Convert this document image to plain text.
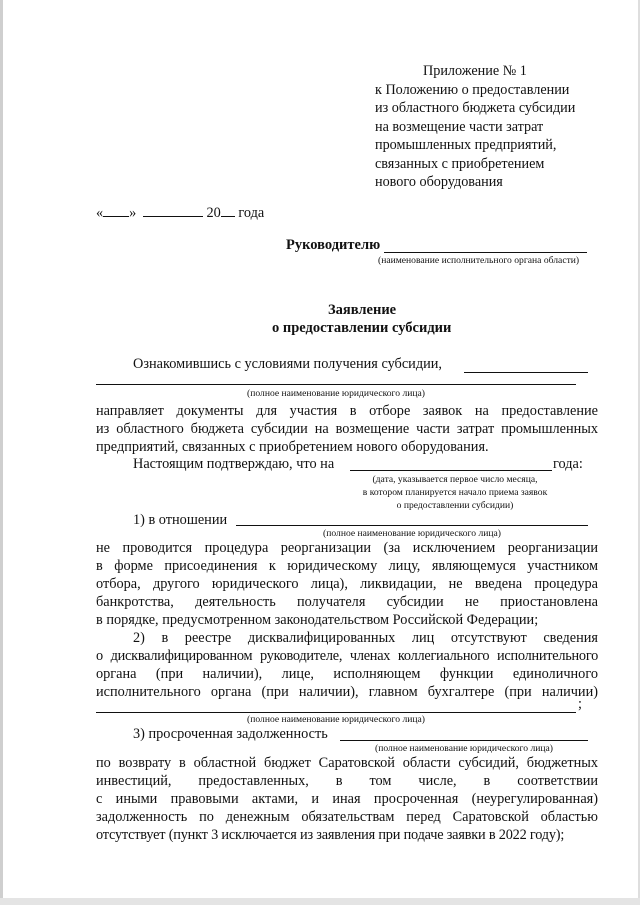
Приложение № 1
к Положению о предоставлении
из областного бюджета субсидии
на возмещение части затрат
промышленных предприятий,
связанных с приобретением
нового оборудования
« »	20 года
Руководителю
(наименование исполнительного органа области)
Заявление
о предоставлении субсидии
Ознакомившись с условиями получения субсидии,
(полное наименование юридического лица)
направляет документы для участия в отборе заявок на предоставление
из областного бюджета субсидии на возмещение части затрат промышленных
предприятий, связанных с приобретением нового оборудования.
Настоящим подтверждаю, что на	года:
(дата, указывается первое число месяца,
в котором планируется начало приема заявок
о предоставлении субсидии)
1) в отношении
(полное наименование юридического лица)
не проводится процедура реорганизации (за исключением реорганизации
в форме присоединения к юридическому лицу, являющемуся участником
отбора, другого юридического лица), ликвидации, не введена процедура
банкротства, деятельность получателя субсидии не приостановлена
в порядке, предусмотренном законодательством Российской Федерации;
2) в реестре дисквалифицированных лиц отсутствуют сведения
о дисквалифицированном руководителе, членах коллегиального исполнительного
органа (при наличии), лице, исполняющем функции единоличного
исполнительного органа (при наличии), главном бухгалтере (при наличии)
;
(полное наименование юридического лица)
3) просроченная задолженность
(полное наименование юридического лица)
по возврату в областной бюджет Саратовской области субсидий, бюджетных
инвестиций, предоставленных, в том числе, в соответствии
с иными правовыми актами, и иная просроченная (неурегулированная)
задолженность по денежным обязательствам перед Саратовской областью
отсутствует (пункт 3 исключается из заявления при подаче заявки в 2022 году);
